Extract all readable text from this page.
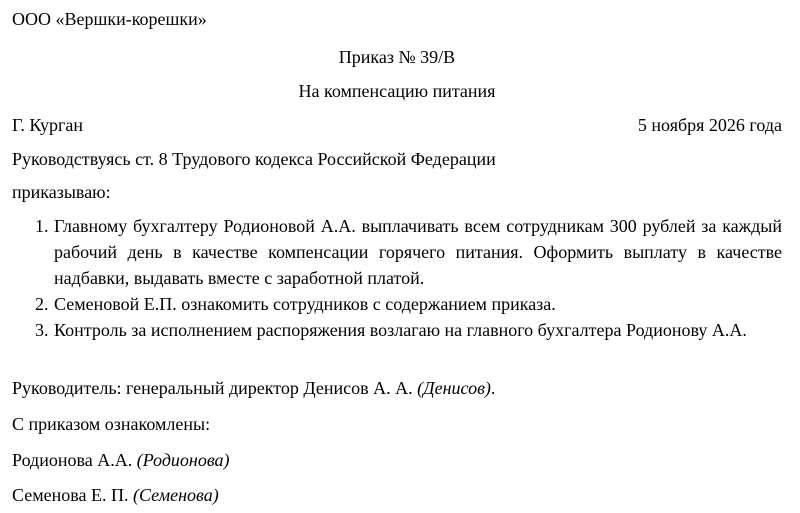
ООО «Вершки-корешки»
Приказ № 39/В
На компенсацию питания
Г. Курган	5 ноября 2026 года
Руководствуясь ст. 8 Трудового кодекса Российской Федерации
приказываю:
1. Главному бухгалтеру Родионовой А.А. выплачивать всем сотрудникам 300 рублей за каждый рабочий день в качестве компенсации горячего питания. Оформить выплату в качестве надбавки, выдавать вместе с заработной платой.
2. Семеновой Е.П. ознакомить сотрудников с содержанием приказа.
3. Контроль за исполнением распоряжения возлагаю на главного бухгалтера Родионову А.А.
Руководитель: генеральный директор Денисов А. А. (Денисов).
С приказом ознакомлены:
Родионова А.А. (Родионова)
Семенова Е. П. (Семенова)
